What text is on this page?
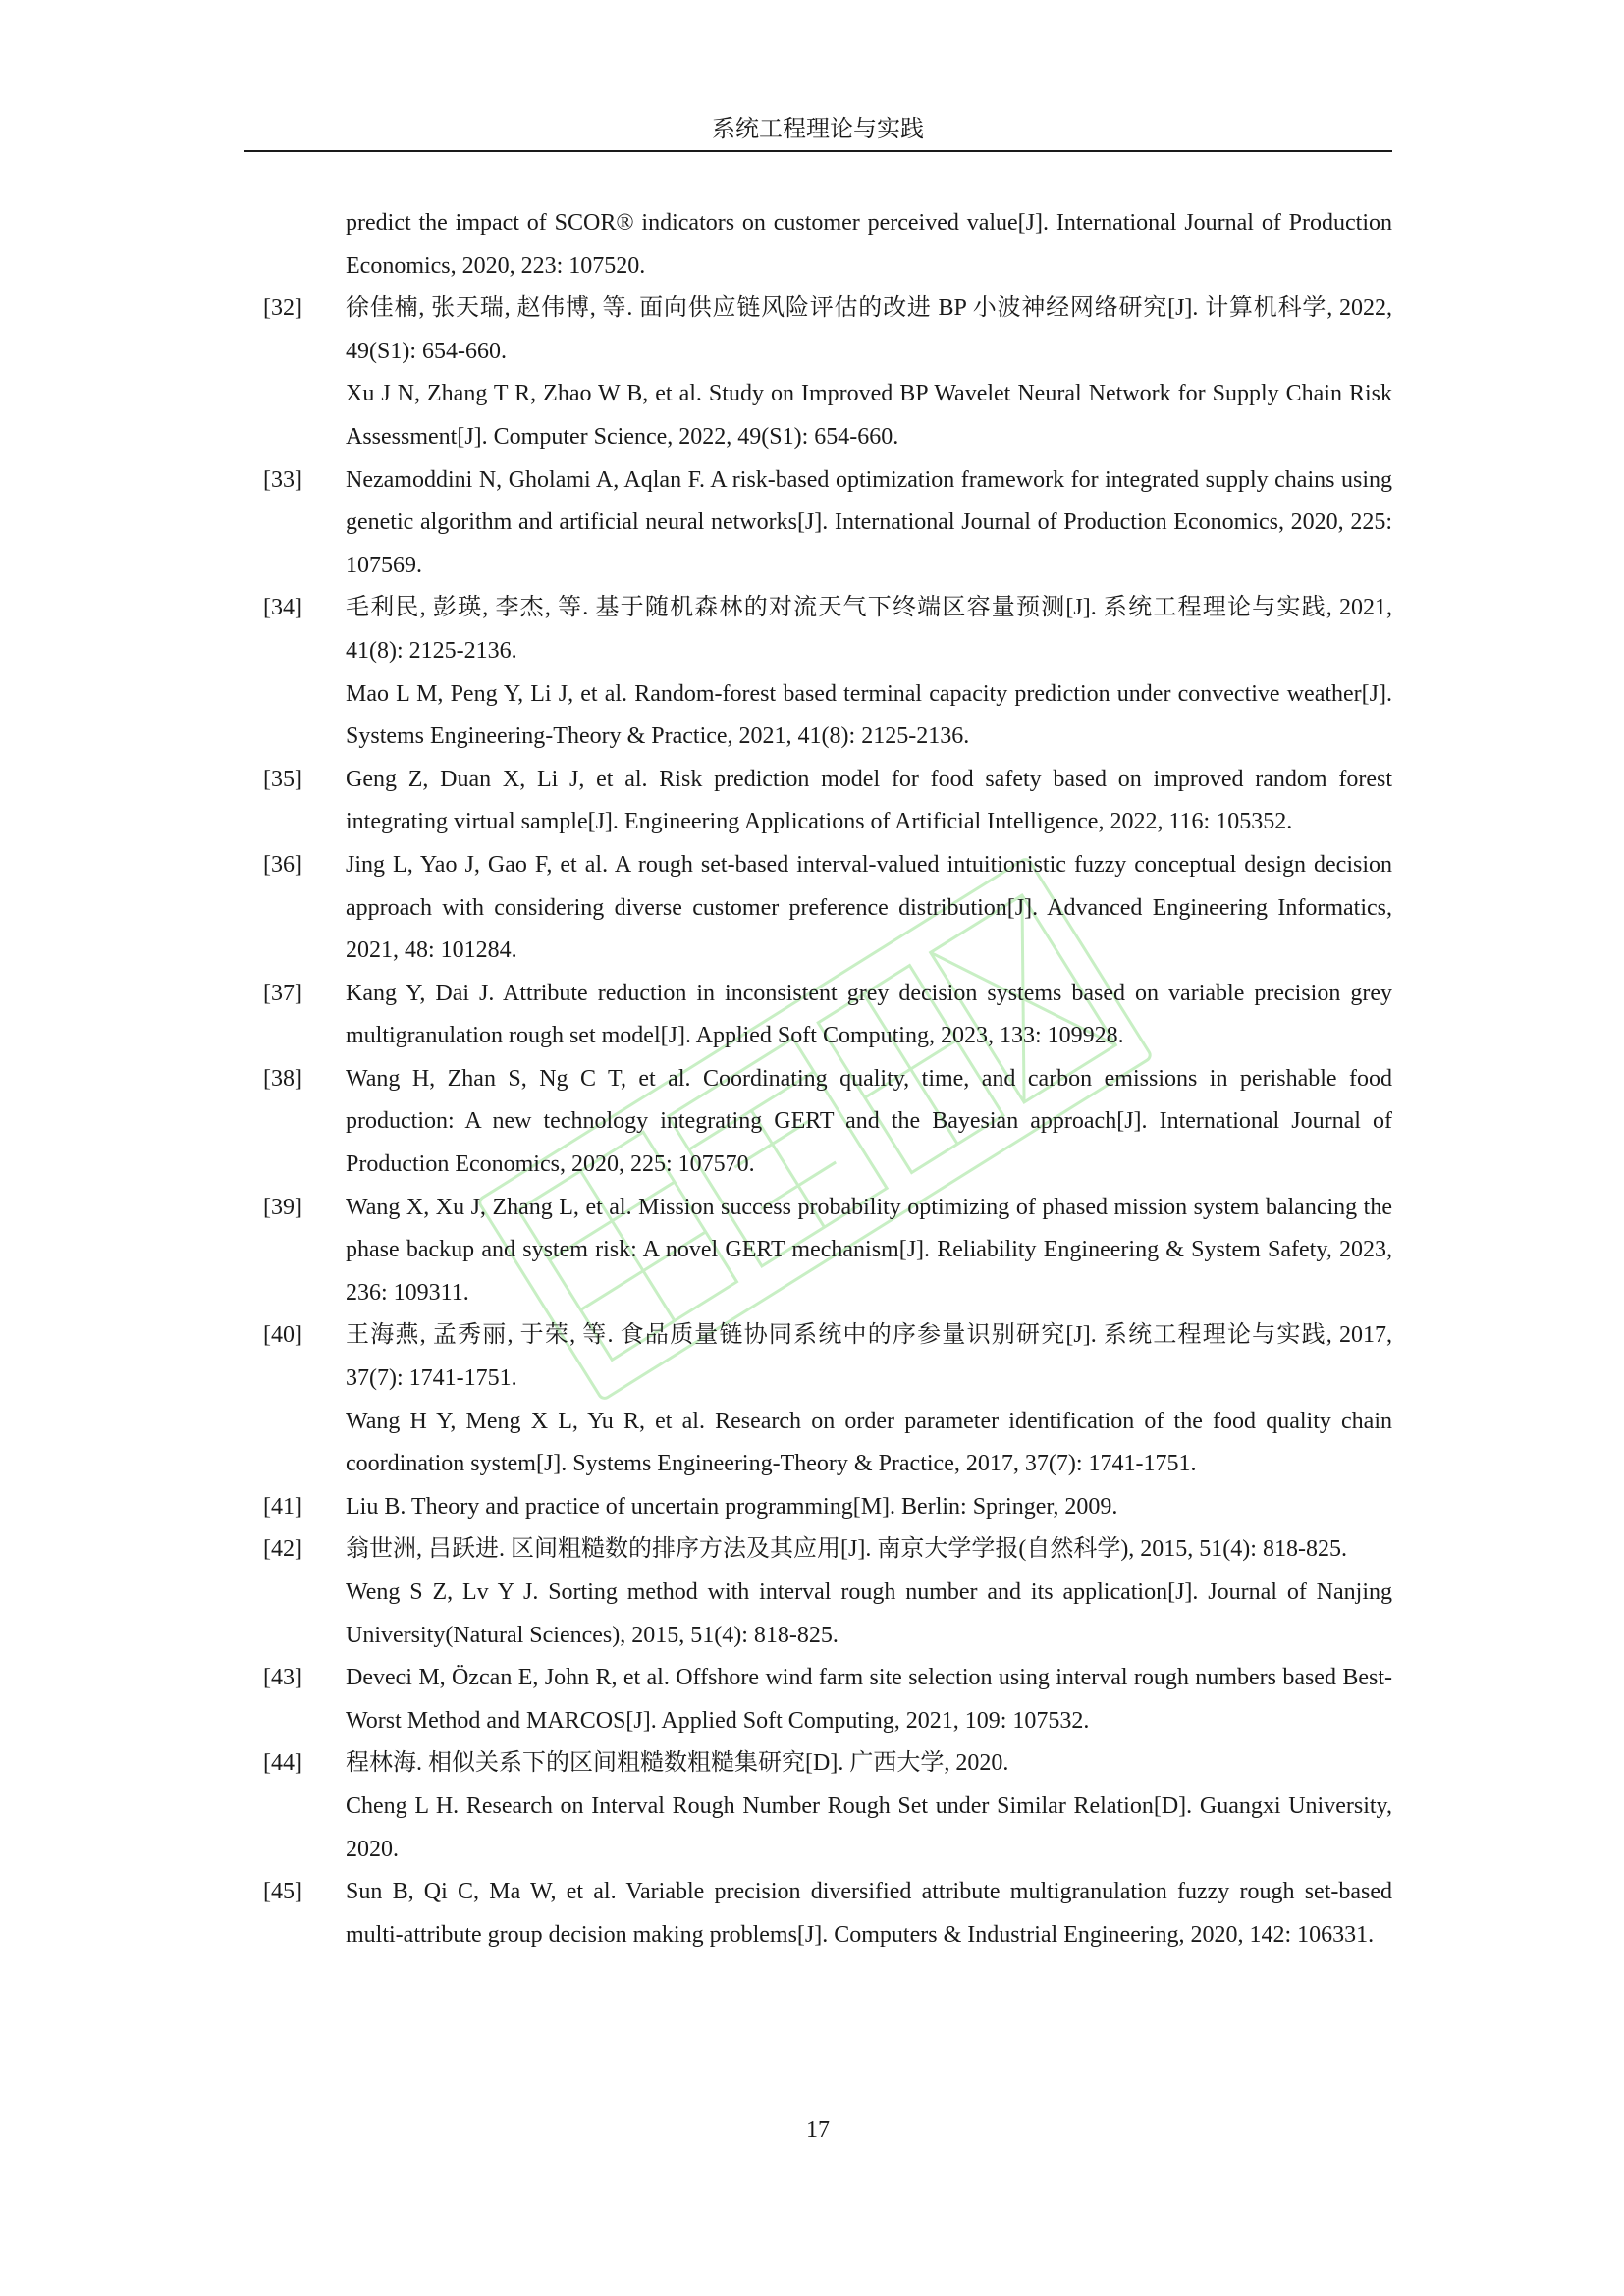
系统工程理论与实践
predict the impact of SCOR® indicators on customer perceived value[J]. International Journal of Production Economics, 2020, 223: 107520.
[32] 徐佳楠, 张天瑞, 赵伟博, 等. 面向供应链风险评估的改进 BP 小波神经网络研究[J]. 计算机科学, 2022, 49(S1): 654-660.
Xu J N, Zhang T R, Zhao W B, et al. Study on Improved BP Wavelet Neural Network for Supply Chain Risk Assessment[J]. Computer Science, 2022, 49(S1): 654-660.
[33] Nezamoddini N, Gholami A, Aqlan F. A risk-based optimization framework for integrated supply chains using genetic algorithm and artificial neural networks[J]. International Journal of Production Economics, 2020, 225: 107569.
[34] 毛利民, 彭瑛, 李杰, 等. 基于随机森林的对流天气下终端区容量预测[J]. 系统工程理论与实践, 2021, 41(8): 2125-2136.
Mao L M, Peng Y, Li J, et al. Random-forest based terminal capacity prediction under convective weather[J]. Systems Engineering-Theory & Practice, 2021, 41(8): 2125-2136.
[35] Geng Z, Duan X, Li J, et al. Risk prediction model for food safety based on improved random forest integrating virtual sample[J]. Engineering Applications of Artificial Intelligence, 2022, 116: 105352.
[36] Jing L, Yao J, Gao F, et al. A rough set-based interval-valued intuitionistic fuzzy conceptual design decision approach with considering diverse customer preference distribution[J]. Advanced Engineering Informatics, 2021, 48: 101284.
[37] Kang Y, Dai J. Attribute reduction in inconsistent grey decision systems based on variable precision grey multigranulation rough set model[J]. Applied Soft Computing, 2023, 133: 109928.
[38] Wang H, Zhan S, Ng C T, et al. Coordinating quality, time, and carbon emissions in perishable food production: A new technology integrating GERT and the Bayesian approach[J]. International Journal of Production Economics, 2020, 225: 107570.
[39] Wang X, Xu J, Zhang L, et al. Mission success probability optimizing of phased mission system balancing the phase backup and system risk: A novel GERT mechanism[J]. Reliability Engineering & System Safety, 2023, 236: 109311.
[40] 王海燕, 孟秀丽, 于荣, 等. 食品质量链协同系统中的序参量识别研究[J]. 系统工程理论与实践, 2017, 37(7): 1741-1751.
Wang H Y, Meng X L, Yu R, et al. Research on order parameter identification of the food quality chain coordination system[J]. Systems Engineering-Theory & Practice, 2017, 37(7): 1741-1751.
[41] Liu B. Theory and practice of uncertain programming[M]. Berlin: Springer, 2009.
[42] 翁世洲, 吕跃进. 区间粗糙数的排序方法及其应用[J]. 南京大学学报(自然科学), 2015, 51(4): 818-825.
Weng S Z, Lv Y J. Sorting method with interval rough number and its application[J]. Journal of Nanjing University(Natural Sciences), 2015, 51(4): 818-825.
[43] Deveci M, Özcan E, John R, et al. Offshore wind farm site selection using interval rough numbers based Best-Worst Method and MARCOS[J]. Applied Soft Computing, 2021, 109: 107532.
[44] 程林海. 相似关系下的区间粗糙数粗糙集研究[D]. 广西大学, 2020.
Cheng L H. Research on Interval Rough Number Rough Set under Similar Relation[D]. Guangxi University, 2020.
[45] Sun B, Qi C, Ma W, et al. Variable precision diversified attribute multigranulation fuzzy rough set-based multi-attribute group decision making problems[J]. Computers & Industrial Engineering, 2020, 142: 106331.
17
